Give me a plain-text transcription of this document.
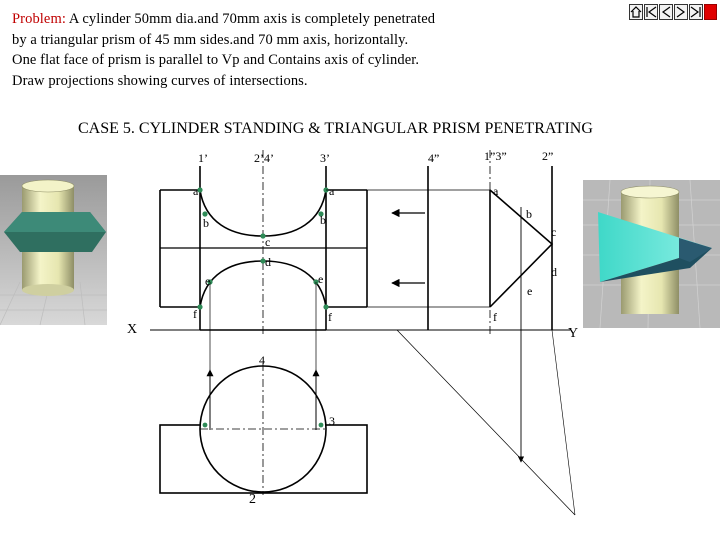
Problem: A cylinder 50mm dia.and 70mm axis is completely penetrated
by a triangular prism of 45 mm sides.and 70 mm axis, horizontally.
One flat face of prism is parallel to Vp and Contains axis of cylinder.
Draw projections showing curves of intersections.
CASE 5. CYLINDER STANDING & TRIANGULAR PRISM PENETRATING
1’	2’4’	3’	4”	1”3”	2”
a	a	a
b	b	b
c
c
d
d
e	e
e
f	f	f
X	Y
4
3
2
